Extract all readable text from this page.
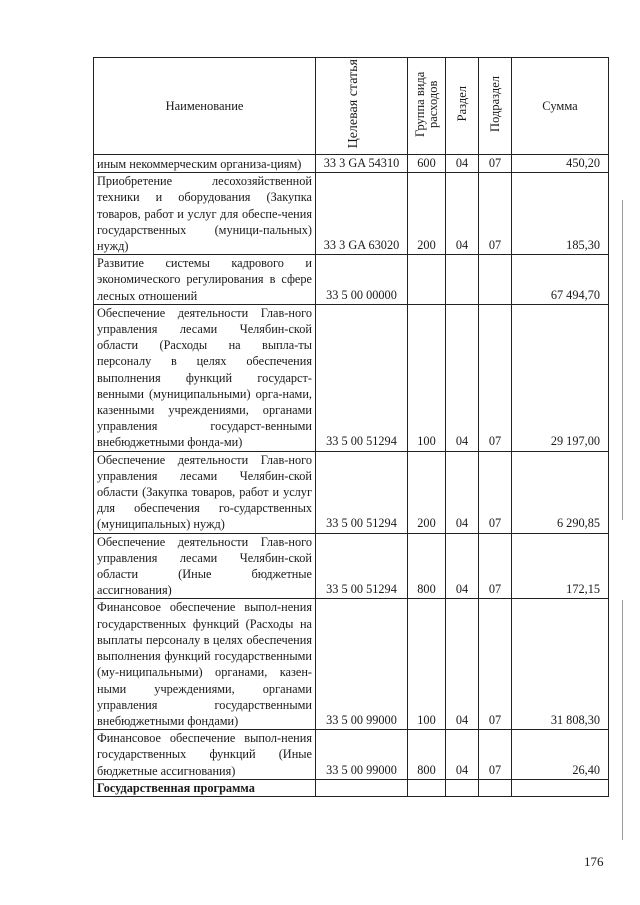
Наименование	Целевая статья	Группа вида расходов	Раздел	Подраздел	Сумма

иным некоммерческим организа-циям)	33 3 GA 54310	600	04	07	450,20

Приобретение лесохозяйственной техники и оборудования (Закупка товаров, работ и услуг для обеспе-чения государственных (муници-пальных) нужд)	33 3 GA 63020	200	04	07	185,30

Развитие системы кадрового и экономического регулирования в сфере лесных отношений	33 5 00 00000				67 494,70

Обеспечение деятельности Глав-ного управления лесами Челябин-ской области (Расходы на выпла-ты персоналу в целях обеспечения выполнения функций государст-венными (муниципальными) орга-нами, казенными учреждениями, органами управления государст-венными внебюджетными фонда-ми)	33 5 00 51294	100	04	07	29 197,00

Обеспечение деятельности Глав-ного управления лесами Челябин-ской области (Закупка товаров, работ и услуг для обеспечения го-сударственных (муниципальных) нужд)	33 5 00 51294	200	04	07	6 290,85

Обеспечение деятельности Глав-ного управления лесами Челябин-ской области (Иные бюджетные ассигнования)	33 5 00 51294	800	04	07	172,15

Финансовое обеспечение выпол-нения государственных функций (Расходы на выплаты персоналу в целях обеспечения выполнения функций государственными (му-ниципальными) органами, казен-ными учреждениями, органами управления государственными внебюджетными фондами)	33 5 00 99000	100	04	07	31 808,30

Финансовое обеспечение выпол-нения государственных функций (Иные бюджетные ассигнования)	33 5 00 99000	800	04	07	26,40

Государственная программа					

176
